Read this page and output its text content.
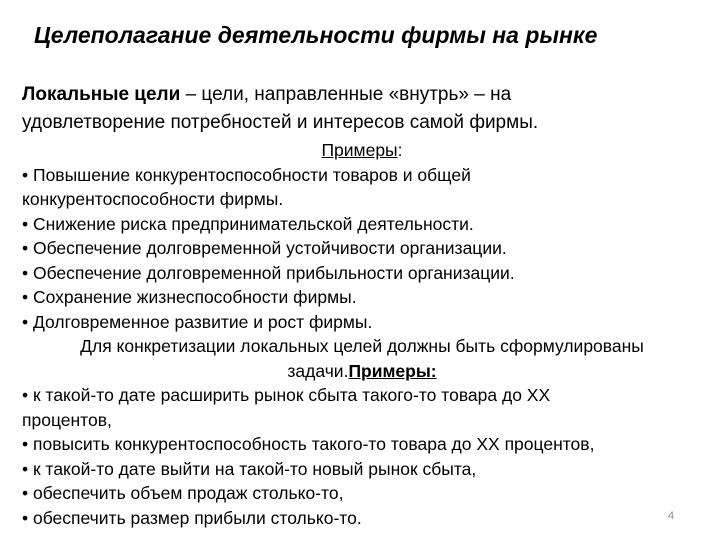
Целеполагание деятельности фирмы на рынке
Локальные цели – цели, направленные «внутрь» – на
удовлетворение потребностей и интересов самой фирмы.
Примеры:
• Повышение конкурентоспособности товаров и общей
конкурентоспособности фирмы.
• Снижение риска предпринимательской деятельности.
• Обеспечение долговременной устойчивости организации.
• Обеспечение долговременной прибыльности организации.
• Сохранение жизнеспособности фирмы.
• Долговременное развитие и рост фирмы.
Для конкретизации локальных целей должны быть сформулированы
задачи.Примеры:
• к такой-то дате расширить рынок сбыта такого-то товара до ХХ
процентов,
• повысить конкурентоспособность такого-то товара до ХХ процентов,
• к такой-то дате выйти на такой-то новый рынок сбыта,
• обеспечить объем продаж столько-то,
• обеспечить размер прибыли столько-то.	4
